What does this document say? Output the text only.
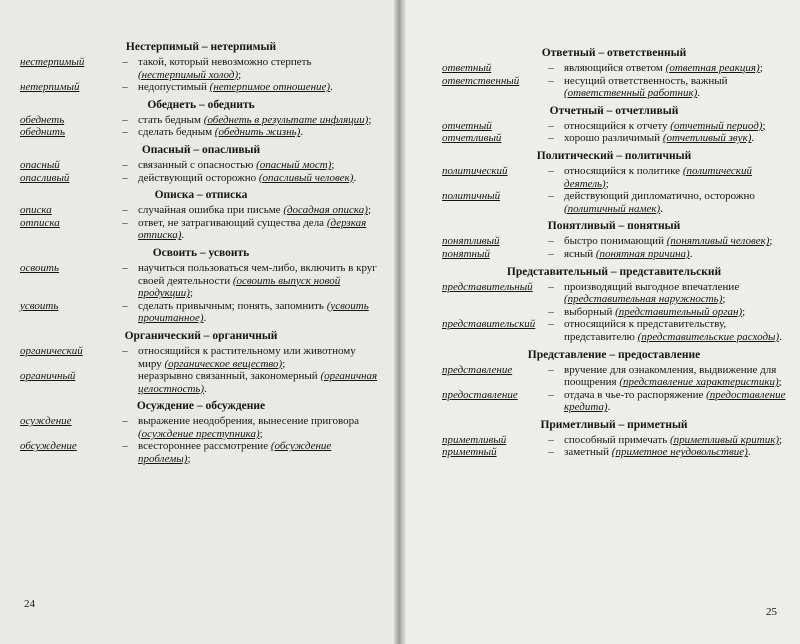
Нестерпимый – нетерпимый
нестерпимый	– такой, который невозможно стерпеть (нестерпимый холод);
нетерпимый	– недопустимый (нетерпимое отношение).
Обеднеть – обеднить
обеднеть	– стать бедным (обеднеть в результате инфляции);
обеднить	– сделать бедным (обеднить жизнь).
Опасный – опасливый
опасный	– связанный с опасностью (опасный мост);
опасливый	– действующий осторожно (опасливый человек).
Описка – отписка
описка	– случайная ошибка при письме (досадная описка);
отписка	– ответ, не затрагивающий существа дела (дерзкая отписка).
Освоить – усвоить
освоить	– научиться пользоваться чем-либо, включить в круг своей деятельности (освоить выпуск новой продукции);
усвоить	– сделать привычным; понять, запомнить (усвоить прочитанное).
Органический – органичный
органический	– относящийся к растительному или животному миру (органическое вещество);
органичный	неразрывно связанный, закономерный (органичная целостность).
Осуждение – обсуждение
осуждение	– выражение неодобрения, вынесение приговора (осуждение преступника);
обсуждение	– всестороннее рассмотрение (обсуждение проблемы);
24
Ответный – ответственный
ответный	– являющийся ответом (ответная реакция);
ответственный	– несущий ответственность, важный (ответственный работник).
Отчетный – отчетливый
отчетный	– относящийся к отчету (отчетный период);
отчетливый	– хорошо различимый (отчетливый звук).
Политический – политичный
политический	– относящийся к политике (политический деятель);
политичный	– действующий дипломатично, осторожно (политичный намек).
Понятливый – понятный
понятливый	– быстро понимающий (понятливый человек);
понятный	– ясный (понятная причина).
Представительный – представительский
представительный	– производящий выгодное впечатление (представительная наружность);
– выборный (представительный орган);
представительский	– относящийся к представительству, представителю (представительские расходы).
Представление – предоставление
представление	– вручение для ознакомления, выдвижение для поощрения (представление характеристики);
предоставление	– отдача в чье-то распоряжение (предоставление кредита).
Приметливый – приметный
приметливый	– способный примечать (приметливый критик);
приметный	– заметный (приметное неудовольствие).
25
